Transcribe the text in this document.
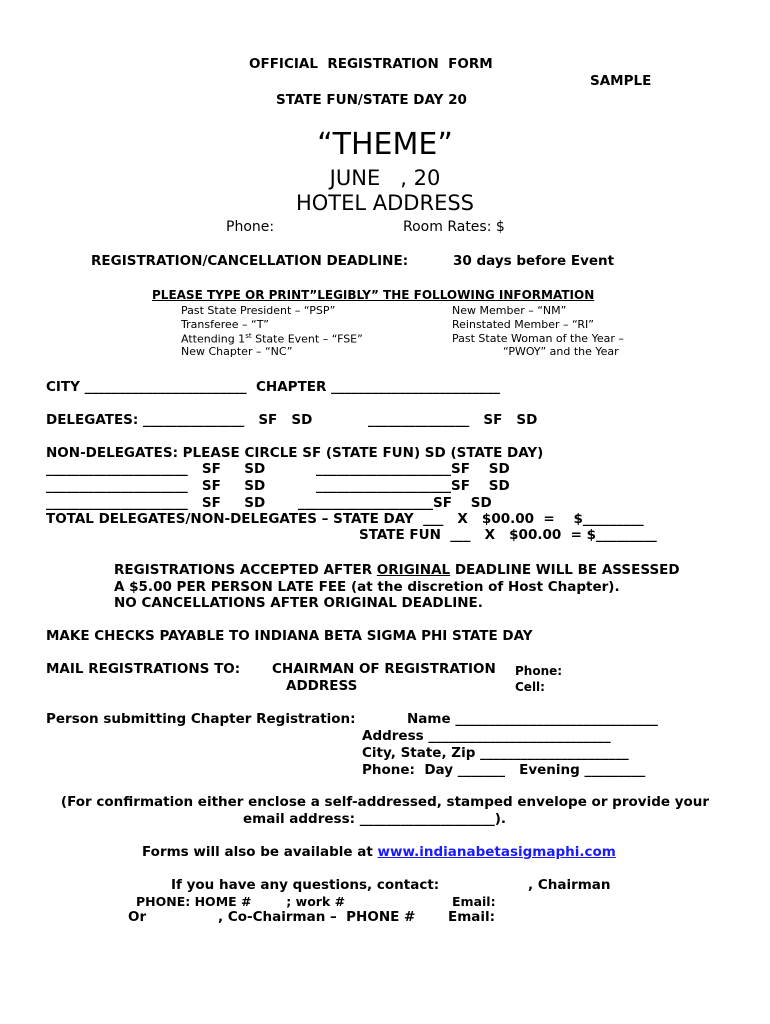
OFFICIAL  REGISTRATION  FORM
SAMPLE
STATE FUN/STATE DAY 20
“THEME”
JUNE   , 20
HOTEL ADDRESS
Phone:	Room Rates: $
REGISTRATION/CANCELLATION DEADLINE:	30 days before Event
PLEASE TYPE OR PRINT”LEGIBLY” THE FOLLOWING INFORMATION
Past State President – “PSP”
Transferee – “T”
Attending 1st State Event – “FSE”
New Chapter – “NC”
New Member – “NM”
Reinstated Member – “RI”
Past State Woman of the Year –
“PWOY” and the Year
CITY ________________________  CHAPTER _________________________
DELEGATES: _______________   SF   SD	_______________   SF   SD
NON-DELEGATES: PLEASE CIRCLE SF (STATE FUN) SD (STATE DAY)
_____________________   SF     SD	____________________SF    SD
_____________________   SF     SD	____________________SF    SD
_____________________   SF     SD ____________________SF    SD
TOTAL DELEGATES/NON-DELEGATES – STATE DAY  ___   X   $00.00  =    $_________
STATE FUN  ___   X   $00.00  = $_________
REGISTRATIONS ACCEPTED AFTER ORIGINAL DEADLINE WILL BE ASSESSED
A $5.00 PER PERSON LATE FEE (at the discretion of Host Chapter).
NO CANCELLATIONS AFTER ORIGINAL DEADLINE.
MAKE CHECKS PAYABLE TO INDIANA BETA SIGMA PHI STATE DAY
MAIL REGISTRATIONS TO: CHAIRMAN OF REGISTRATION
ADDRESS
Phone:
Cell:
Person submitting Chapter Registration:	Name ______________________________
Address ___________________________
City, State, Zip ______________________
Phone:  Day _______   Evening _________
(For confirmation either enclose a self-addressed, stamped envelope or provide your
email address: ____________________).
Forms will also be available at www.indianabetasigmaphi.com
If you have any questions, contact:	, Chairman
PHONE: HOME #        ; work #	Email:
Or	, Co-Chairman –  PHONE # Email:
